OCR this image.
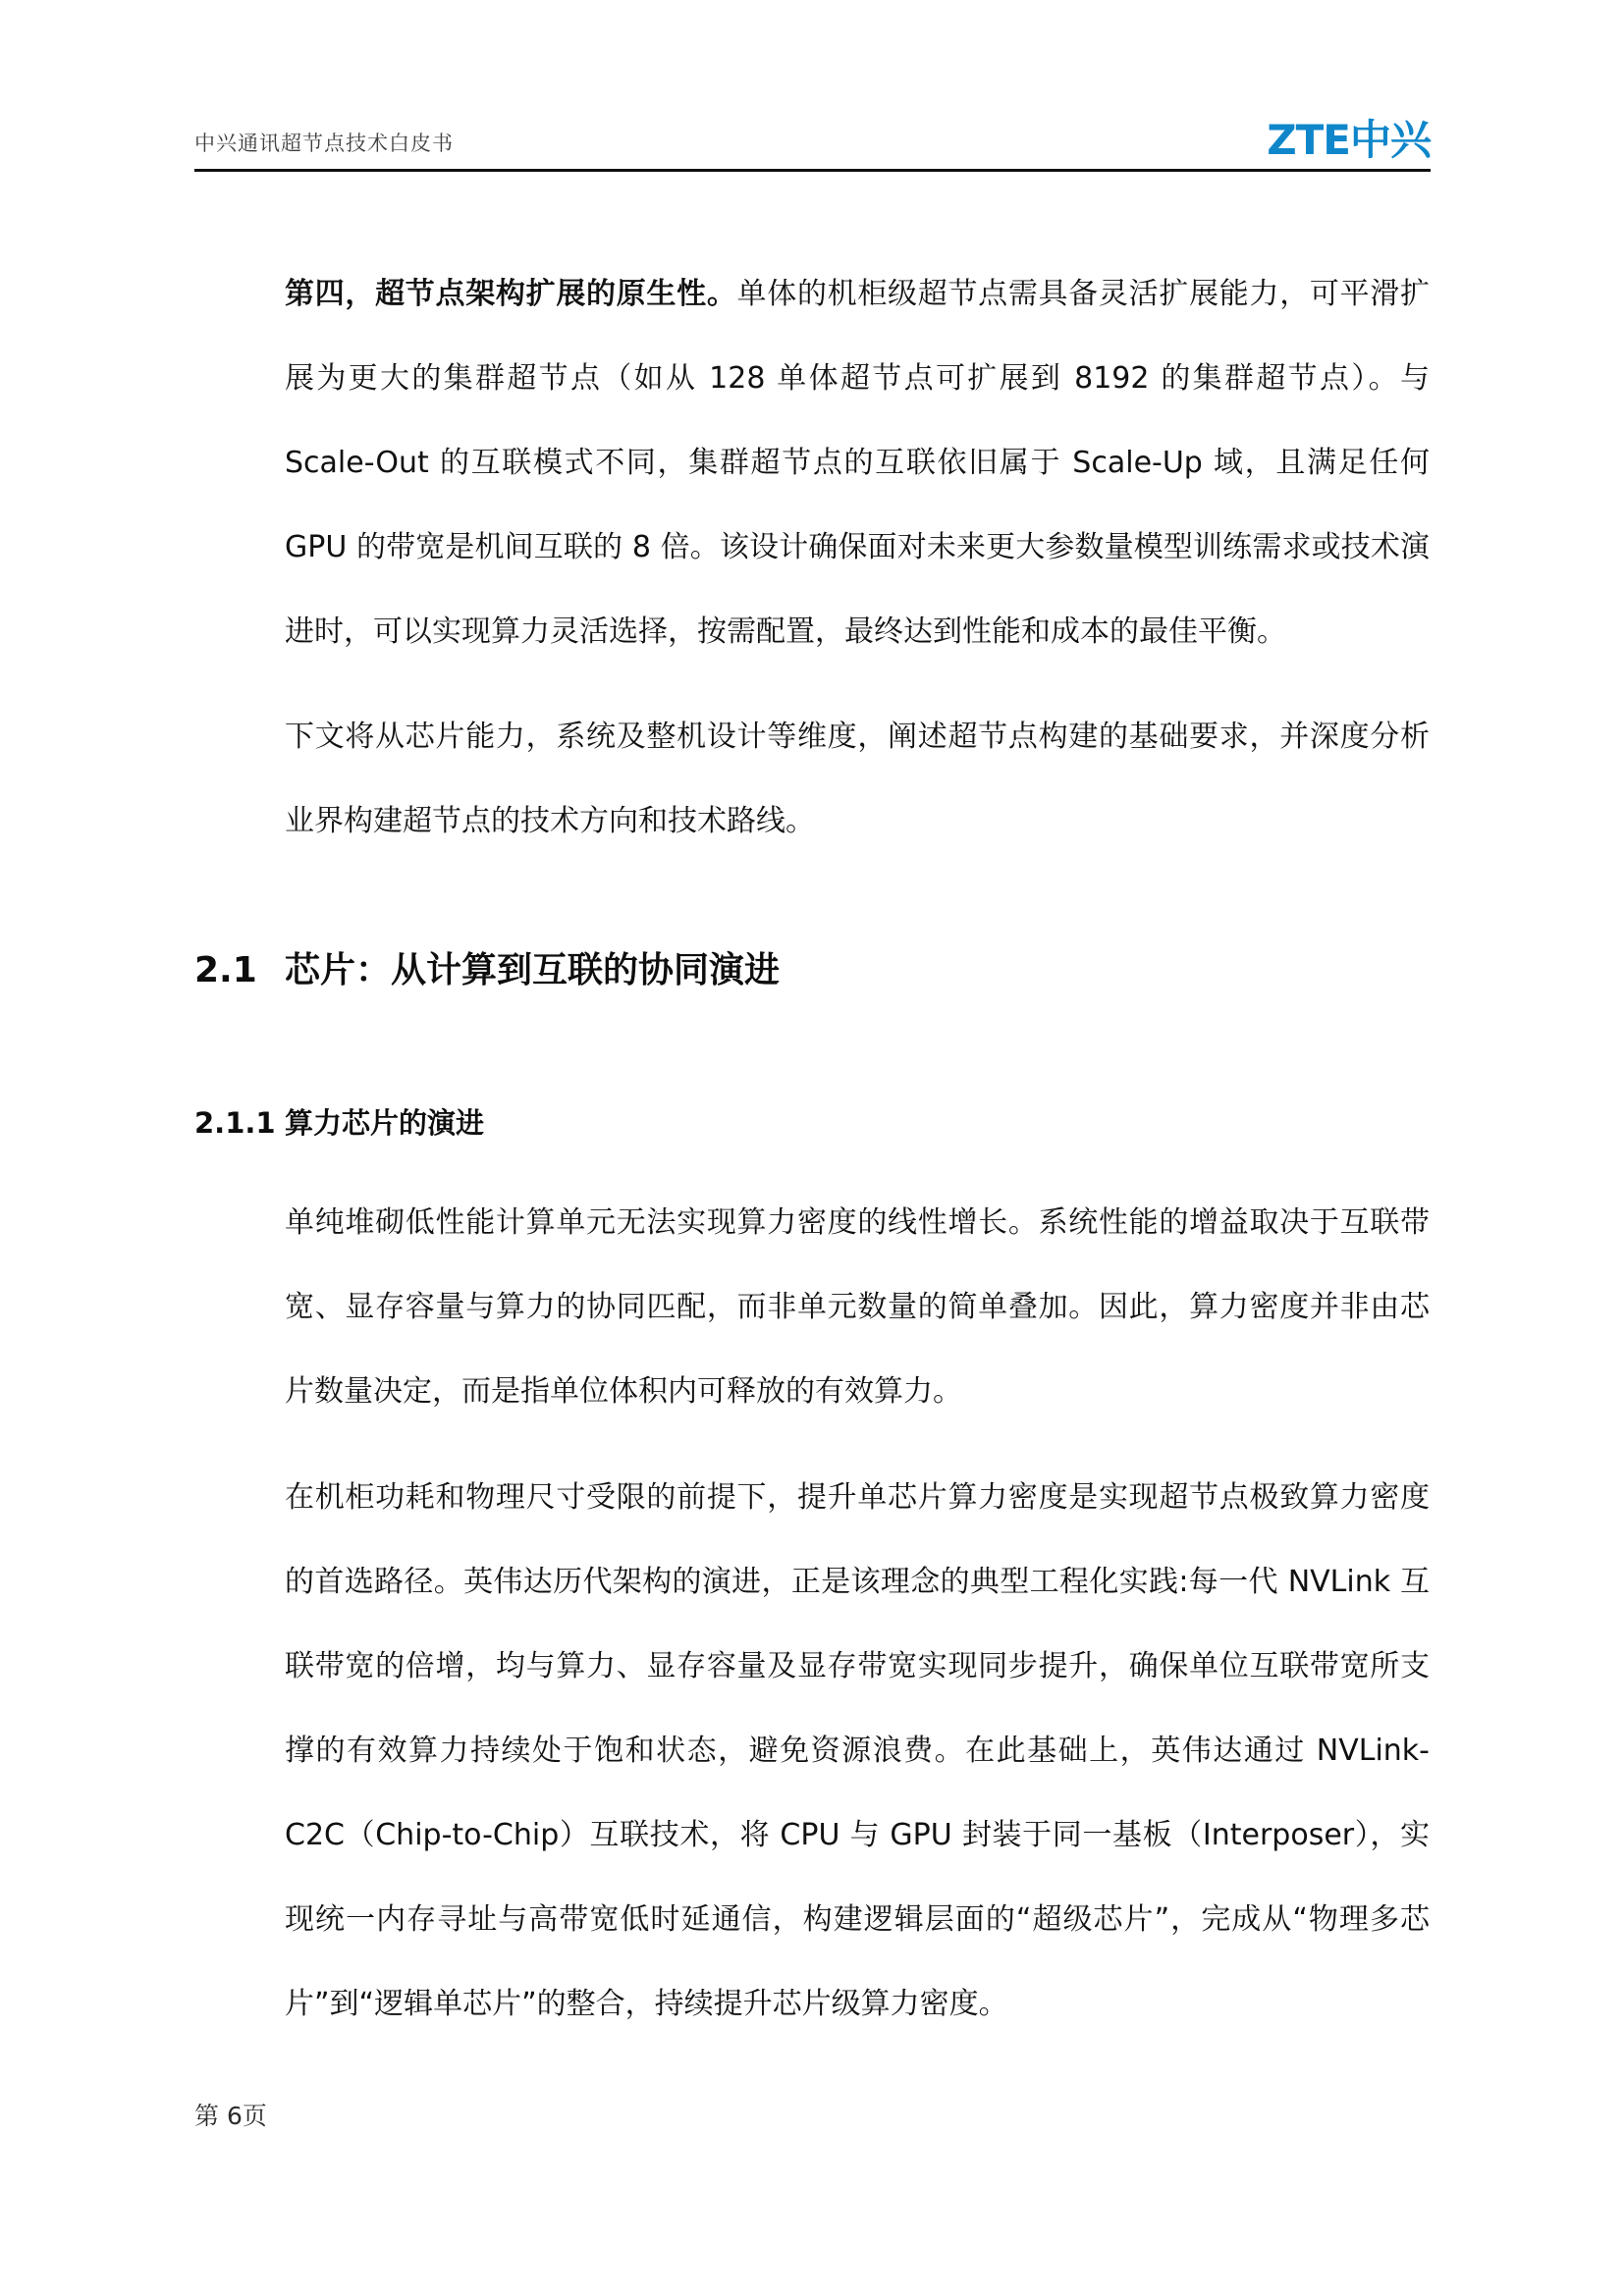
中兴通讯超节点技术白皮书	ZTE中兴

第四，超节点架构扩展的原生性。单体的机柜级超节点需具备灵活扩展能力，可平滑扩展为更大的集群超节点（如从 128 单体超节点可扩展到 8192 的集群超节点）。与 Scale-Out 的互联模式不同，集群超节点的互联依旧属于 Scale-Up 域，且满足任何 GPU 的带宽是机间互联的 8 倍。该设计确保面对未来更大参数量模型训练需求或技术演进时，可以实现算力灵活选择，按需配置，最终达到性能和成本的最佳平衡。

下文将从芯片能力，系统及整机设计等维度，阐述超节点构建的基础要求，并深度分析业界构建超节点的技术方向和技术路线。

2.1 芯片：从计算到互联的协同演进
2.1.1 算力芯片的演进

单纯堆砌低性能计算单元无法实现算力密度的线性增长。系统性能的增益取决于互联带宽、显存容量与算力的协同匹配，而非单元数量的简单叠加。因此，算力密度并非由芯片数量决定，而是指单位体积内可释放的有效算力。

在机柜功耗和物理尺寸受限的前提下，提升单芯片算力密度是实现超节点极致算力密度的首选路径。英伟达历代架构的演进，正是该理念的典型工程化实践:每一代 NVLink 互联带宽的倍增，均与算力、显存容量及显存带宽实现同步提升，确保单位互联带宽所支撑的有效算力持续处于饱和状态，避免资源浪费。在此基础上，英伟达通过 NVLink-C2C（Chip-to-Chip）互联技术，将 CPU 与 GPU 封装于同一基板（Interposer），实现统一内存寻址与高带宽低时延通信，构建逻辑层面的“超级芯片”，完成从“物理多芯片”到“逻辑单芯片”的整合，持续提升芯片级算力密度。

第 6页
